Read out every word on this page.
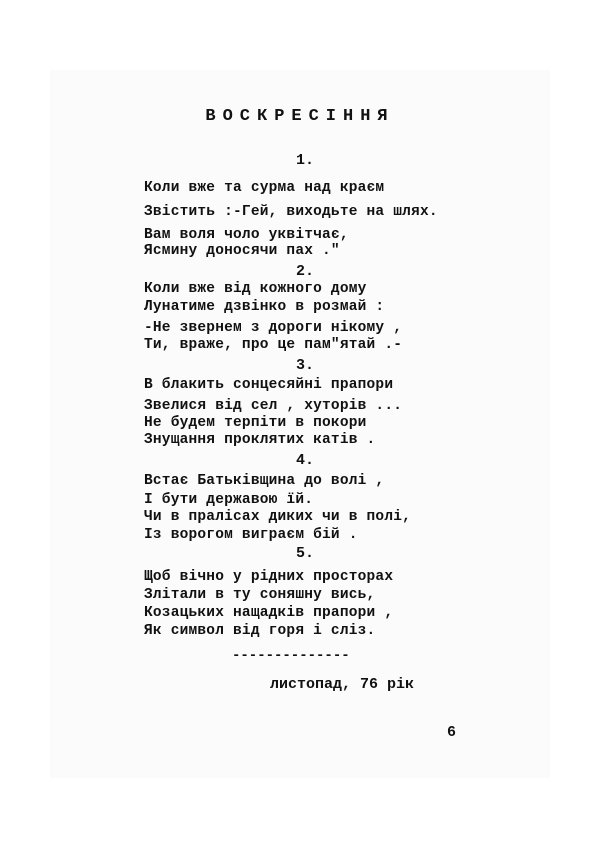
ВОСКРЕСІННЯ
1.
Коли вже та сурма над краєм
Звістить :-Гей, виходьте на шлях.
Вам воля чоло уквітчає,
Ясмину доносячи пах ."
2.
Коли вже від кожного дому
Лунатиме дзвінко в розмай :
-Не звернем з дороги нікому ,
Ти, враже, про це пам"ятай .-
3.
В блакить сонцесяйні прапори
Звелися від сел , хуторів ...
Не будем терпіти в покори
Знущання проклятих катів .
4.
Встає Батьківщина до волі ,
І бути державою їй.
Чи в пралісах диких чи в полі,
Із ворогом виграєм бій .
5.
Щоб вічно у рідних просторах
Злітали в ту соняшну вись,
Козацьких нащадків прапори ,
Як символ від горя і сліз.
--------------
листопад, 76 рік
6
